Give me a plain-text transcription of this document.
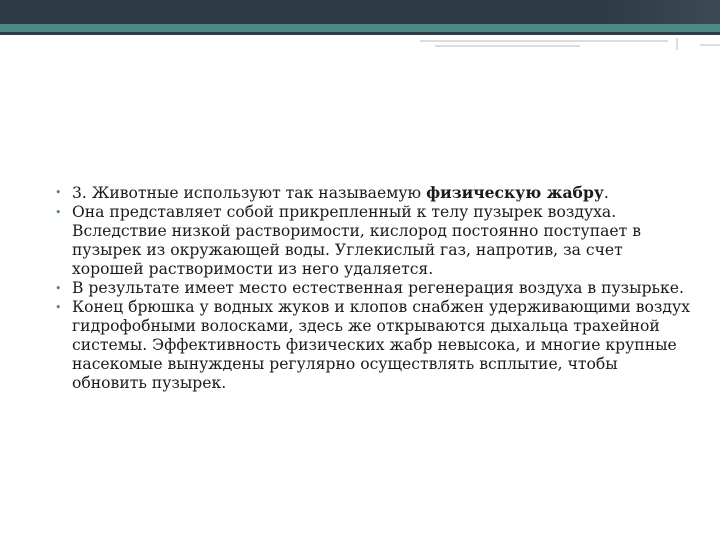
• 3. Животные используют так называемую физическую жабру.

• Она представляет собой прикрепленный к телу пузырек воздуха. Вследствие низкой растворимости, кислород постоянно поступает в пузырек из окружающей воды. Углекислый газ, напротив, за счет хорошей растворимости из него удаляется.

• В результате имеет место естественная регенерация воздуха в пузырьке.

• Конец брюшка у водных жуков и клопов снабжен удерживающими воздух гидрофобными волосками, здесь же открываются дыхальца трахейной системы. Эффективность физических жабр невысока, и многие крупные насекомые вынуждены регулярно осуществлять всплытие, чтобы обновить пузырек.
